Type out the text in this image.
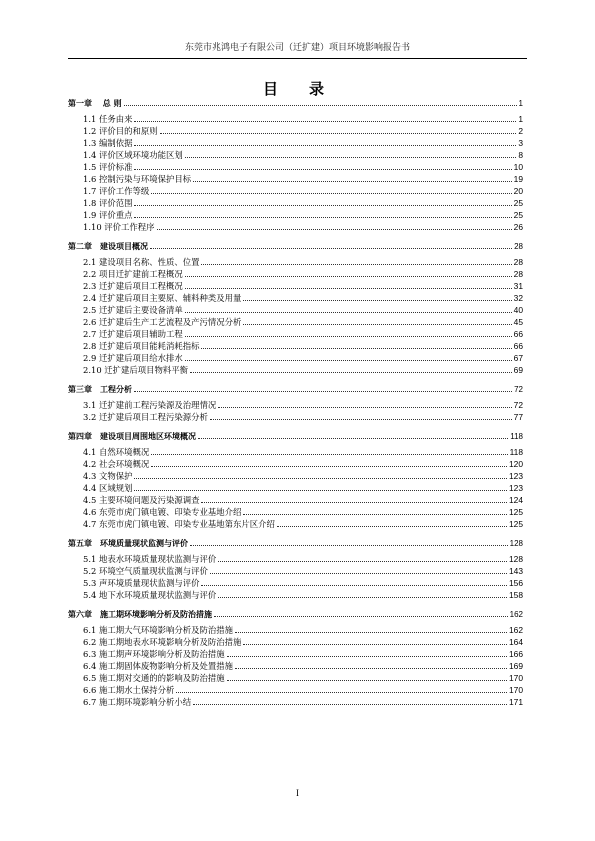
东莞市兆鸿电子有限公司（迁扩建）项目环境影响报告书
目　录
第一章　 总 则	1
1.1 任务由来	1
1.2 评价目的和原则	2
1.3 编制依据	3
1.4 评价区域环境功能区划	8
1.5 评价标准	10
1.6 控制污染与环境保护目标	19
1.7 评价工作等级	20
1.8 评价范围	25
1.9 评价重点	25
1.10 评价工作程序	26
第二章　建设项目概况	28
2.1 建设项目名称、性质、位置	28
2.2 项目迁扩建前工程概况	28
2.3 迁扩建后项目工程概况	31
2.4 迁扩建后项目主要原、辅料种类及用量	32
2.5 迁扩建后主要设备清单	40
2.6 迁扩建后生产工艺流程及产污情况分析	45
2.7 迁扩建后项目辅助工程	66
2.8 迁扩建后项目能耗消耗指标	66
2.9 迁扩建后项目给水排水	67
2.10 迁扩建后项目物料平衡	69
第三章　工程分析	72
3.1 迁扩建前工程污染源及治理情况	72
3.2 迁扩建后项目工程污染源分析	77
第四章　建设项目周围地区环境概况	118
4.1 自然环境概况	118
4.2 社会环境概况	120
4.3 文物保护	123
4.4 区域规划	123
4.5 主要环境问题及污染源调查	124
4.6 东莞市虎门镇电镀、印染专业基地介绍	125
4.7 东莞市虎门镇电镀、印染专业基地第东片区介绍	125
第五章　环境质量现状监测与评价	128
5.1 地表水环境质量现状监测与评价	128
5.2 环境空气质量现状监测与评价	143
5.3 声环境质量现状监测与评价	156
5.4 地下水环境质量现状监测与评价	158
第六章　施工期环境影响分析及防治措施	162
6.1 施工期大气环境影响分析及防治措施	162
6.2 施工期地表水环境影响分析及防治措施	164
6.3 施工期声环境影响分析及防治措施	166
6.4 施工期固体废物影响分析及处置措施	169
6.5 施工期对交通的的影响及防治措施	170
6.6 施工期水土保持分析	170
6.7 施工期环境影响分析小结	171
I
